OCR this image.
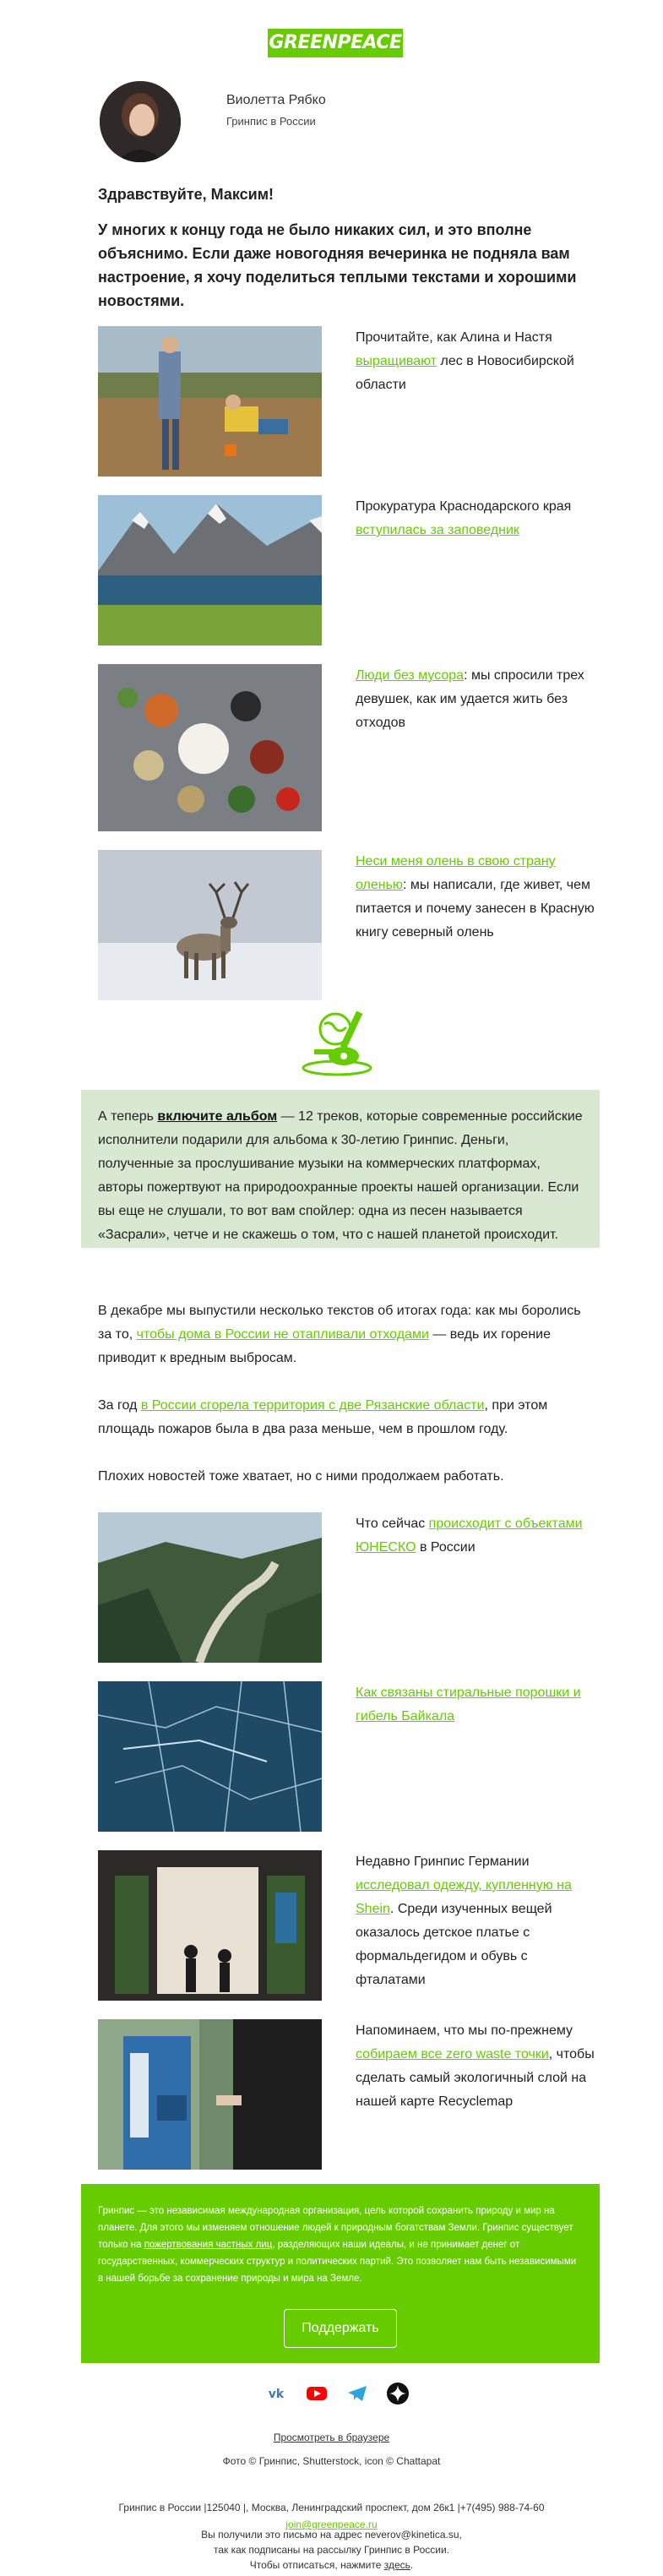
GREENPEACE
Виолетта Рябко
Гринпис в России
Здравствуйте, Максим!
У многих к концу года не было никаких сил, и это вполне объяснимо. Если даже новогодняя вечеринка не подняла вам настроение, я хочу поделиться теплыми текстами и хорошими новостями.
Прочитайте, как Алина и Настя выращивают лес в Новосибирской области
Прокуратура Краснодарского края вступилась за заповедник
Люди без мусора: мы спросили трех девушек, как им удается жить без отходов
Неси меня олень в свою страну оленью: мы написали, где живет, чем питается и почему занесен в Красную книгу северный олень

А теперь включите альбом — 12 треков, которые современные российские исполнители подарили для альбома к 30-летию Гринпис. Деньги, полученные за прослушивание музыки на коммерческих платформах, авторы пожертвуют на природоохранные проекты нашей организации. Если вы еще не слушали, то вот вам спойлер: одна из песен называется «Засрали», четче и не скажешь о том, что с нашей планетой происходит.

В декабре мы выпустили несколько текстов об итогах года: как мы боролись за то, чтобы дома в России не отапливали отходами — ведь их горение приводит к вредным выбросам.

За год в России сгорела территория с две Рязанские области, при этом площадь пожаров была в два раза меньше, чем в прошлом году.

Плохих новостей тоже хватает, но с ними продолжаем работать.

Что сейчас происходит с объектами ЮНЕСКО в России
Как связаны стиральные порошки и гибель Байкала
Недавно Гринпис Германии исследовал одежду, купленную на Shein. Среди изученных вещей оказалось детское платье с формальдегидом и обувь с фталатами
Напоминаем, что мы по-прежнему собираем все zero waste точки, чтобы сделать самый экологичный слой на нашей карте Recyclemap

Гринпис — это независимая международная организация, цель которой сохранить природу и мир на планете. Для этого мы изменяем отношение людей к природным богатствам Земли. Гринпис существует только на пожертвования частных лиц, разделяющих наши идеалы, и не принимает денег от государственных, коммерческих структур и политических партий. Это позволяет нам быть независимыми в нашей борьбе за сохранение природы и мира на Земле.

Поддержать
vk
Просмотреть в браузере
Фото © Гринпис, Shutterstock, icon © Chattapat
Гринпис в России |125040 |, Москва, Ленинградский проспект, дом 26к1 |+7(495) 988-74-60
join@greenpeace.ru
Вы получили это письмо на адрес neverov@kinetica.su,
так как подписаны на рассылку Гринпис в России.
Чтобы отписаться, нажмите здесь.
